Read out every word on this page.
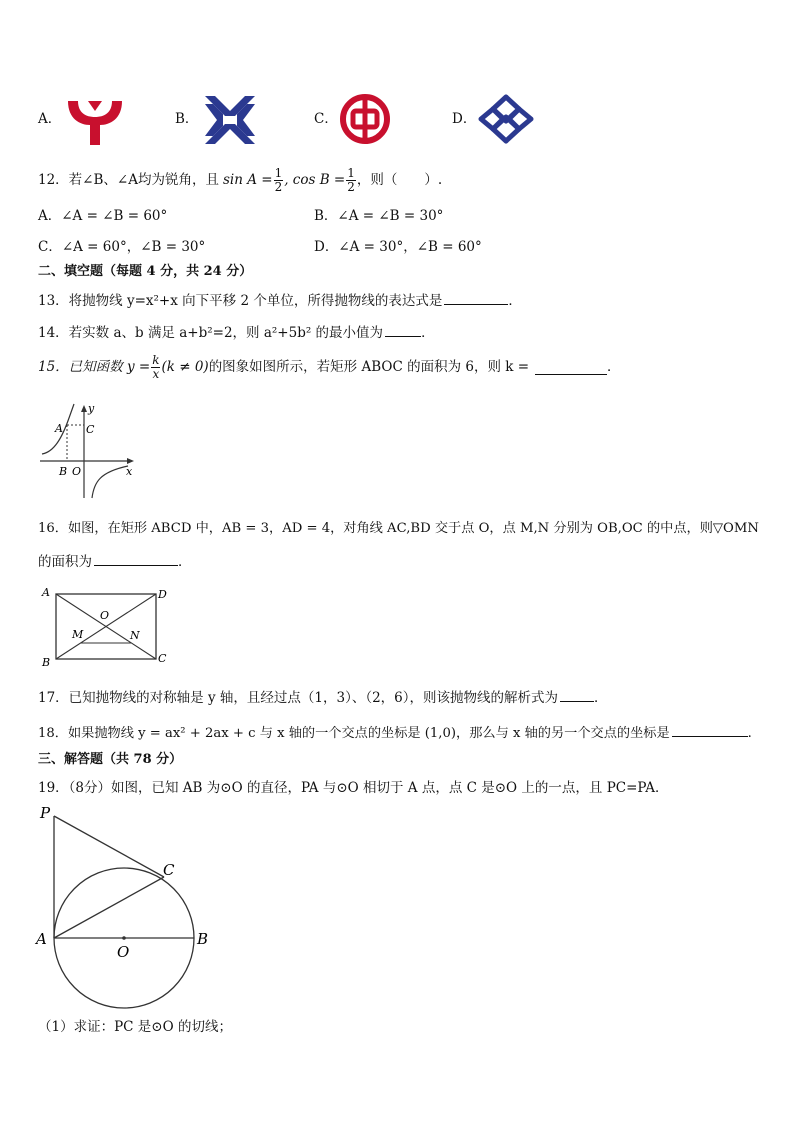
A．	B．	C．	D．
12．若∠B、∠A均为锐角，且 $\sin A = \frac{1}{2}$ , $\cos B = \frac{1}{2}$ ，则（　　）.
A．∠A = ∠B = 60°	B．∠A = ∠B = 30°
C．∠A = 60°，∠B = 30°	D．∠A = 30°，∠B = 60°
二、填空题（每题 4 分，共 24 分）
13．将抛物线 y=x²+x 向下平移 2 个单位，所得抛物线的表达式是	．
14．若实数 a、b 满足 a+b²=2，则 a²+5b² 的最小值为	．
15．已知函数 $y = \frac{k}{x} (k \ne 0)$ 的图象如图所示，若矩形 ABOC 的面积为 6，则 k =	．
y
x
A C
B O
16．如图，在矩形 ABCD 中，AB = 3，AD = 4，对角线 AC,BD 交于点 O，点 M,N 分别为 OB,OC 的中点，则▽OMN
的面积为	．
A	D
O
M	N
B	C
17．已知抛物线的对称轴是 y 轴，且经过点（1，3）、（2，6），则该抛物线的解析式为	．
18．如果抛物线 y = ax² + 2ax + c 与 x 轴的一个交点的坐标是 (1,0)，那么与 x 轴的另一个交点的坐标是	.
三、解答题（共 78 分）
19．（8分）如图，已知 AB 为⊙O 的直径，PA 与⊙O 相切于 A 点，点 C 是⊙O 上的一点，且 PC=PA．
P
C
A
O
B
（1）求证：PC 是⊙O 的切线；
